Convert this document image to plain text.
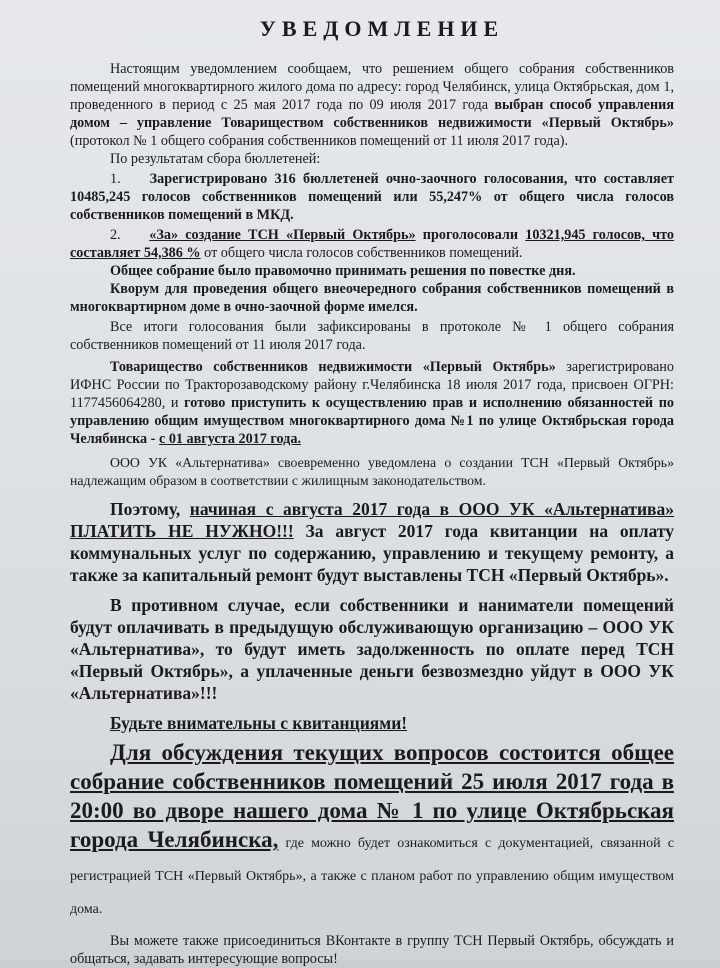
УВЕДОМЛЕНИЕ

Настоящим уведомлением сообщаем, что решением общего собрания собственников помещений многоквартирного жилого дома по адресу: город Челябинск, улица Октябрьская, дом 1, проведенного в период с 25 мая 2017 года по 09 июля 2017 года выбран способ управления домом – управление Товариществом собственников недвижимости «Первый Октябрь» (протокол № 1 общего собрания собственников помещений от 11 июля 2017 года).

По результатам сбора бюллетеней:

1. Зарегистрировано 316 бюллетеней очно-заочного голосования, что составляет 10485,245 голосов собственников помещений или 55,247% от общего числа голосов собственников помещений в МКД.

2. «За» создание ТСН «Первый Октябрь» проголосовали 10321,945 голосов, что составляет 54,386 % от общего числа голосов собственников помещений.

Общее собрание было правомочно принимать решения по повестке дня.

Кворум для проведения общего внеочередного собрания собственников помещений в многоквартирном доме в очно-заочной форме имелся.

Все итоги голосования были зафиксированы в протоколе № 1 общего собрания собственников помещений от 11 июля 2017 года.

Товарищество собственников недвижимости «Первый Октябрь» зарегистрировано ИФНС России по Тракторозаводскому району г.Челябинска 18 июля 2017 года, присвоен ОГРН: 1177456064280, и готово приступить к осуществлению прав и исполнению обязанностей по управлению общим имуществом многоквартирного дома №1 по улице Октябрьская города Челябинска - с 01 августа 2017 года.

ООО УК «Альтернатива» своевременно уведомлена о создании ТСН «Первый Октябрь» надлежащим образом в соответствии с жилищным законодательством.

Поэтому, начиная с августа 2017 года в ООО УК «Альтернатива» ПЛАТИТЬ НЕ НУЖНО!!! За август 2017 года квитанции на оплату коммунальных услуг по содержанию, управлению и текущему ремонту, а также за капитальный ремонт будут выставлены ТСН «Первый Октябрь».

В противном случае, если собственники и наниматели помещений будут оплачивать в предыдущую обслуживающую организацию – ООО УК «Альтернатива», то будут иметь задолженность по оплате перед ТСН «Первый Октябрь», а уплаченные деньги безвозмездно уйдут в ООО УК «Альтернатива»!!!

Будьте внимательны с квитанциями!

Для обсуждения текущих вопросов состоится общее собрание собственников помещений 25 июля 2017 года в 20:00 во дворе нашего дома № 1 по улице Октябрьская города Челябинска, где можно будет ознакомиться с документацией, связанной с регистрацией ТСН «Первый Октябрь», а также с планом работ по управлению общим имуществом дома.

Вы можете также присоединиться ВКонтакте в группу ТСН Первый Октябрь, обсуждать и общаться, задавать интересующие вопросы!
